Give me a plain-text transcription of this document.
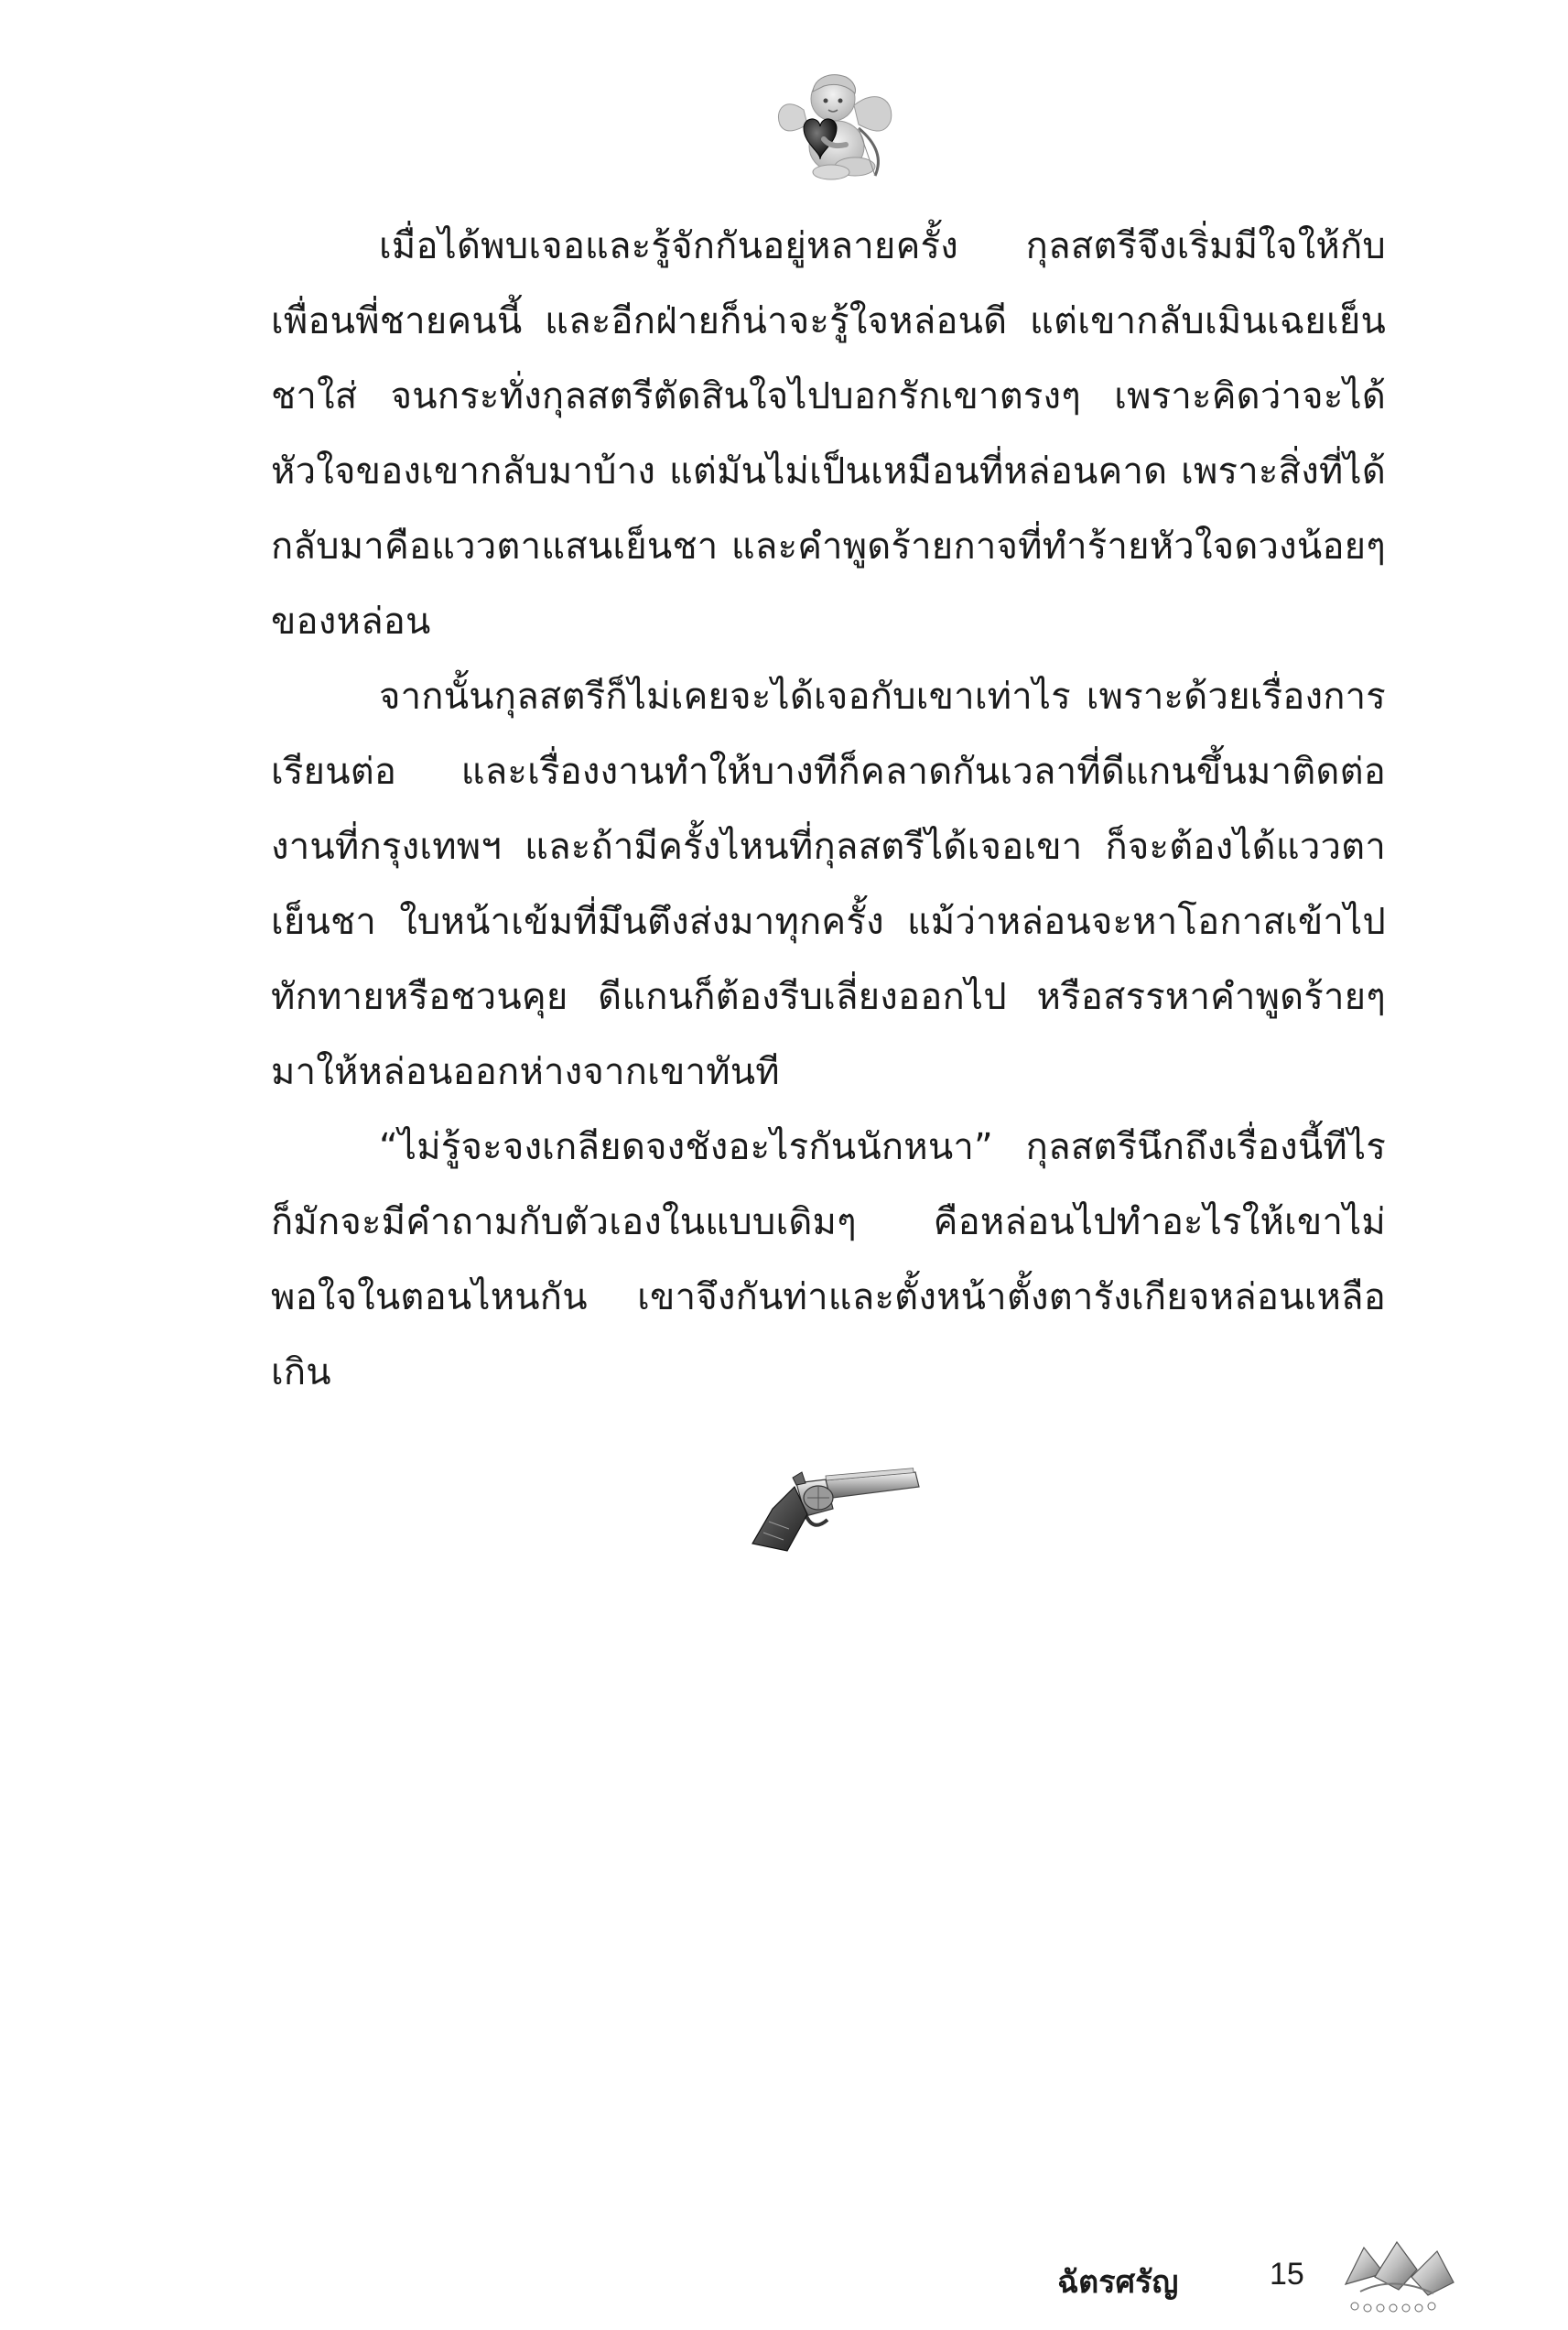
เมื่อได้พบเจอและรู้จักกันอยู่หลายครั้ง กุลสตรีจึงเริ่มมีใจให้กับเพื่อนพี่ชายคนนี้ และอีกฝ่ายก็น่าจะรู้ใจหล่อนดี แต่เขากลับเมินเฉยเย็นชาใส่ จนกระทั่งกุลสตรีตัดสินใจไปบอกรักเขาตรงๆ เพราะคิดว่าจะได้หัวใจของเขากลับมาบ้าง แต่มันไม่เป็นเหมือนที่หล่อนคาด เพราะสิ่งที่ได้กลับมาคือแววตาแสนเย็นชา และคำพูดร้ายกาจที่ทำร้ายหัวใจดวงน้อยๆ ของหล่อน

จากนั้นกุลสตรีก็ไม่เคยจะได้เจอกับเขาเท่าไร เพราะด้วยเรื่องการเรียนต่อ และเรื่องงานทำให้บางทีก็คลาดกันเวลาที่ดีแกนขึ้นมาติดต่องานที่กรุงเทพฯ และถ้ามีครั้งไหนที่กุลสตรีได้เจอเขา ก็จะต้องได้แววตาเย็นชา ใบหน้าเข้มที่มึนตึงส่งมาทุกครั้ง แม้ว่าหล่อนจะหาโอกาสเข้าไปทักทายหรือชวนคุย ดีแกนก็ต้องรีบเลี่ยงออกไป หรือสรรหาคำพูดร้ายๆ มาให้หล่อนออกห่างจากเขาทันที

“ไม่รู้จะจงเกลียดจงชังอะไรกันนักหนา” กุลสตรีนึกถึงเรื่องนี้ทีไรก็มักจะมีคำถามกับตัวเองในแบบเดิมๆ คือหล่อนไปทำอะไรให้เขาไม่พอใจในตอนไหนกัน เขาจึงกันท่าและตั้งหน้าตั้งตารังเกียจหล่อนเหลือเกิน

ฉัตรศรัญ	15
